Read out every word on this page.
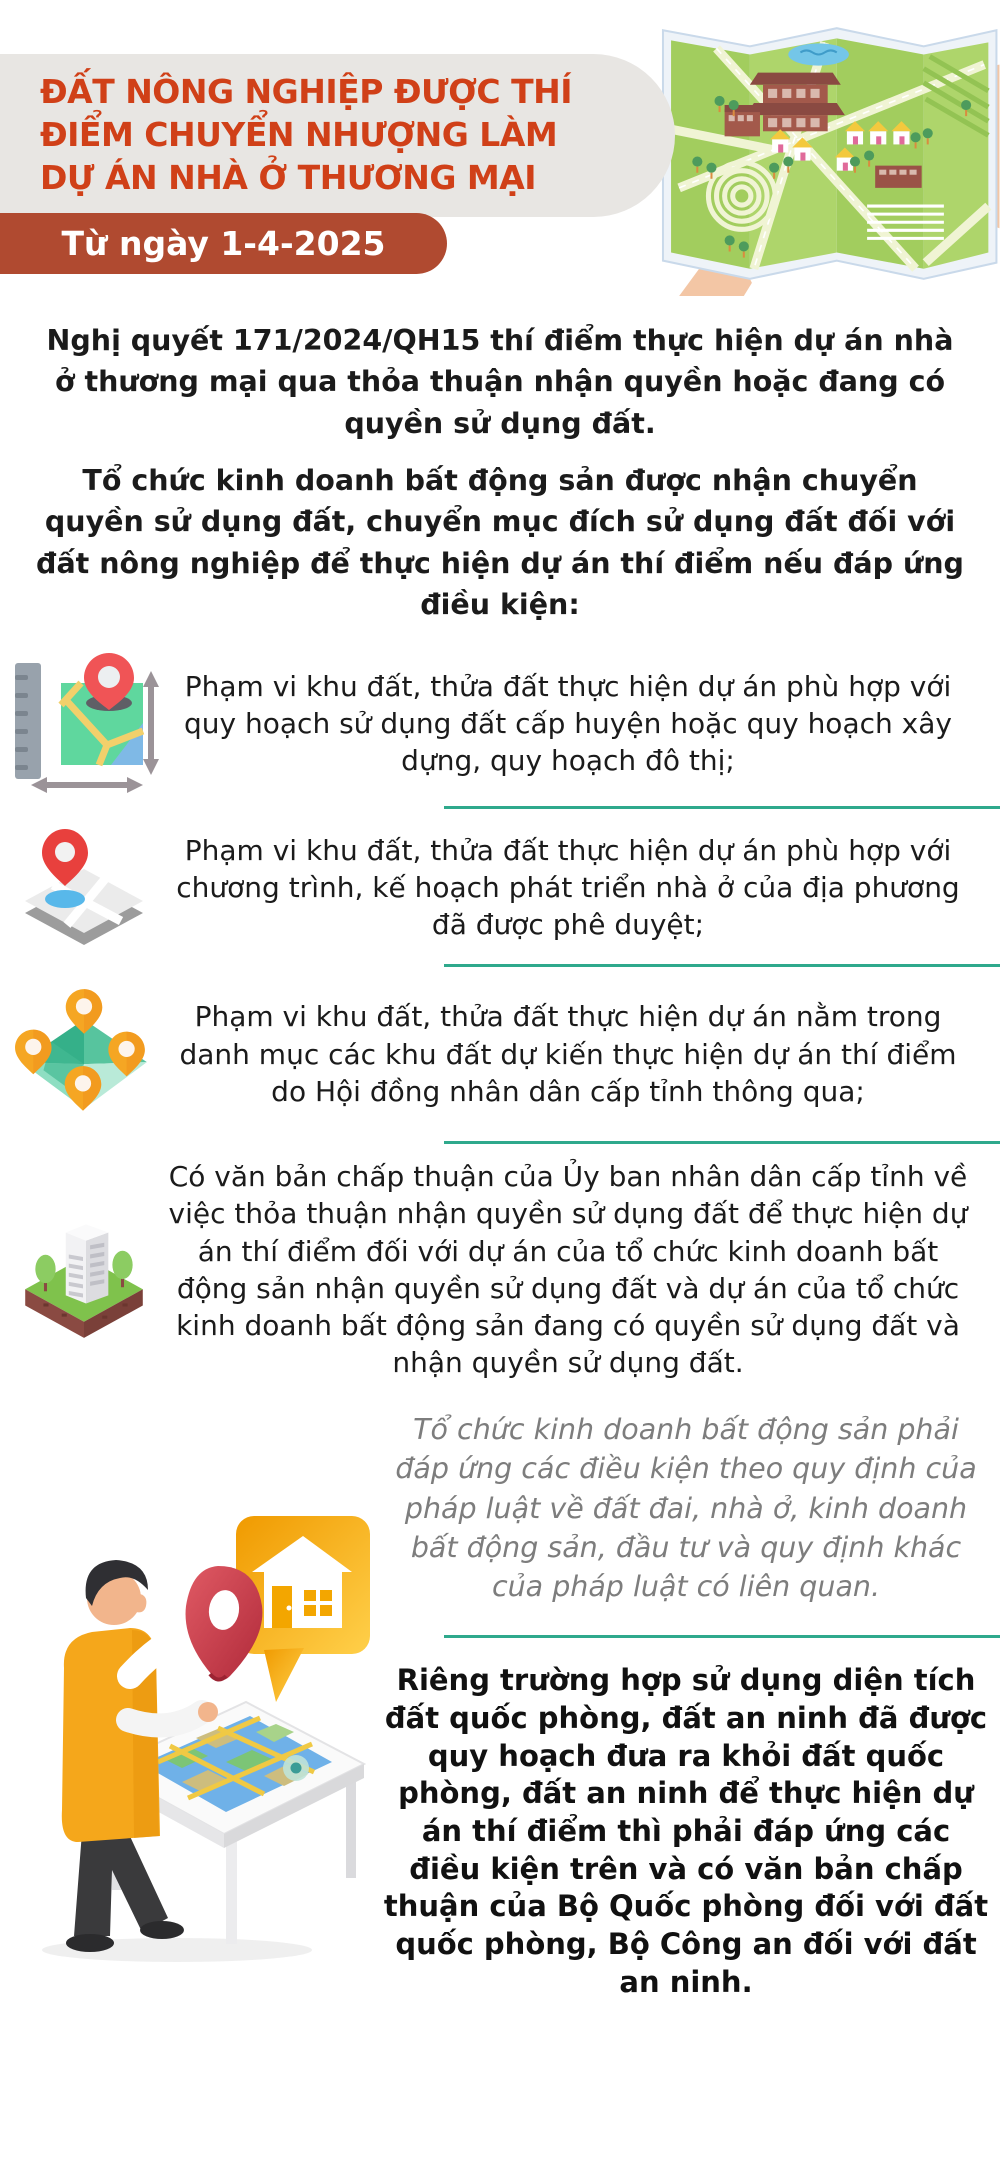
ĐẤT NÔNG NGHIỆP ĐƯỢC THÍ ĐIỂM CHUYỂN NHƯỢNG LÀM DỰ ÁN NHÀ Ở THƯƠNG MẠI
Từ ngày 1-4-2025

Nghị quyết 171/2024/QH15 thí điểm thực hiện dự án nhà ở thương mại qua thỏa thuận nhận quyền hoặc đang có quyền sử dụng đất.

Tổ chức kinh doanh bất động sản được nhận chuyển quyền sử dụng đất, chuyển mục đích sử dụng đất đối với đất nông nghiệp để thực hiện dự án thí điểm nếu đáp ứng điều kiện:

Phạm vi khu đất, thửa đất thực hiện dự án phù hợp với quy hoạch sử dụng đất cấp huyện hoặc quy hoạch xây dựng, quy hoạch đô thị;
Phạm vi khu đất, thửa đất thực hiện dự án phù hợp với chương trình, kế hoạch phát triển nhà ở của địa phương đã được phê duyệt;
Phạm vi khu đất, thửa đất thực hiện dự án nằm trong danh mục các khu đất dự kiến thực hiện dự án thí điểm do Hội đồng nhân dân cấp tỉnh thông qua;
Có văn bản chấp thuận của Ủy ban nhân dân cấp tỉnh về việc thỏa thuận nhận quyền sử dụng đất để thực hiện dự án thí điểm đối với dự án của tổ chức kinh doanh bất động sản nhận quyền sử dụng đất và dự án của tổ chức kinh doanh bất động sản đang có quyền sử dụng đất và nhận quyền sử dụng đất.

Tổ chức kinh doanh bất động sản phải đáp ứng các điều kiện theo quy định của pháp luật về đất đai, nhà ở, kinh doanh bất động sản, đầu tư và quy định khác của pháp luật có liên quan.

Riêng trường hợp sử dụng diện tích đất quốc phòng, đất an ninh đã được quy hoạch đưa ra khỏi đất quốc phòng, đất an ninh để thực hiện dự án thí điểm thì phải đáp ứng các điều kiện trên và có văn bản chấp thuận của Bộ Quốc phòng đối với đất quốc phòng, Bộ Công an đối với đất an ninh.
